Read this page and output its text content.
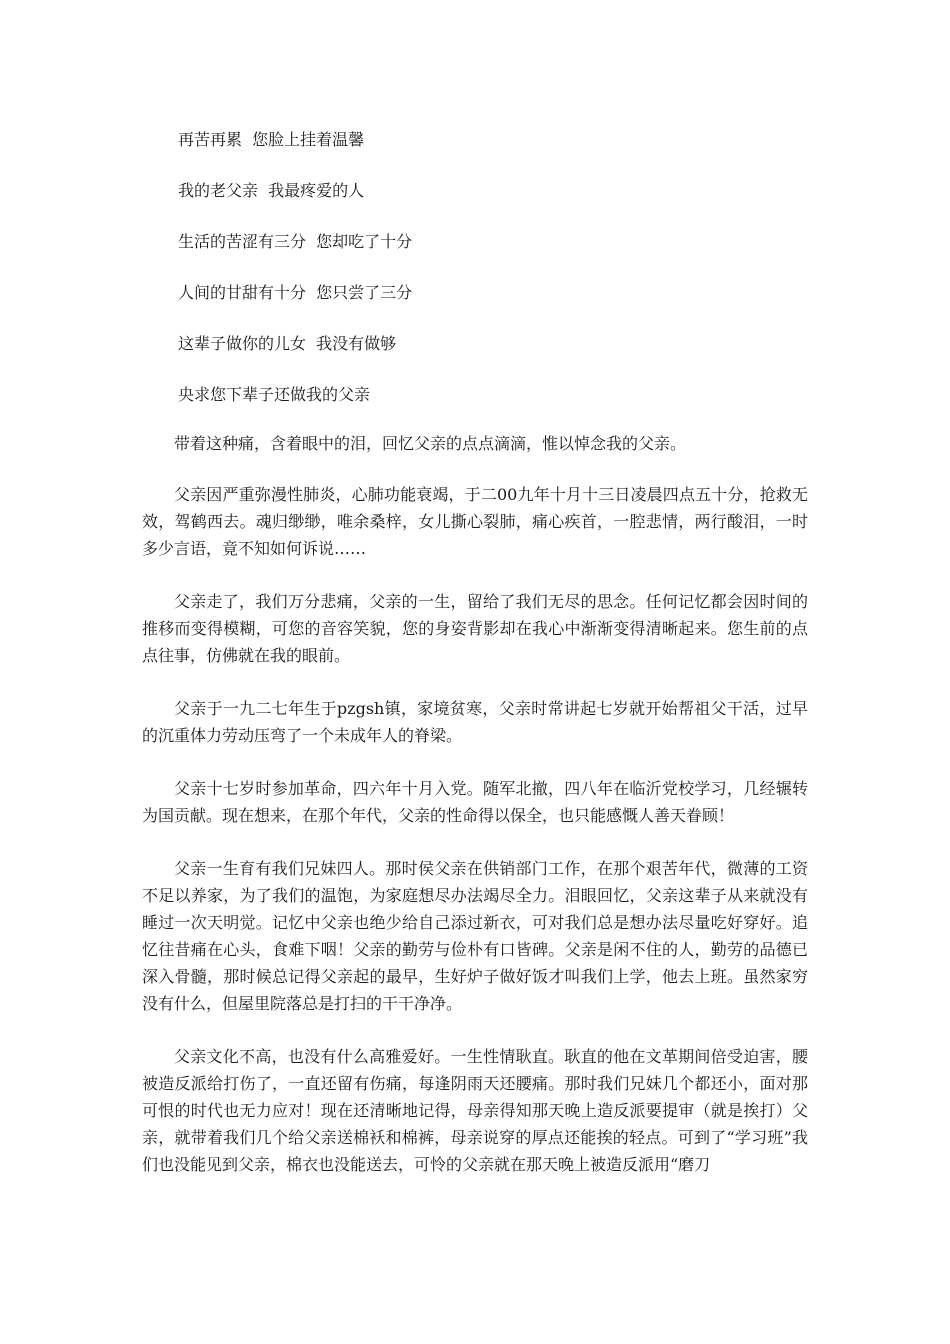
再苦再累  您脸上挂着温馨

我的老父亲  我最疼爱的人

生活的苦涩有三分  您却吃了十分

人间的甘甜有十分  您只尝了三分

这辈子做你的儿女  我没有做够

央求您下辈子还做我的父亲

带着这种痛，含着眼中的泪，回忆父亲的点点滴滴，惟以悼念我的父亲。

父亲因严重弥漫性肺炎，心肺功能衰竭，于二00九年十月十三日凌晨四点五十分，抢救无效，驾鹤西去。魂归缈缈，唯余桑梓，女儿撕心裂肺，痛心疾首，一腔悲情，两行酸泪，一时多少言语，竟不知如何诉说……

父亲走了，我们万分悲痛，父亲的一生，留给了我们无尽的思念。任何记忆都会因时间的推移而变得模糊，可您的音容笑貌，您的身姿背影却在我心中渐渐变得清晰起来。您生前的点点往事，仿佛就在我的眼前。

父亲于一九二七年生于pzgsh镇，家境贫寒，父亲时常讲起七岁就开始帮祖父干活，过早的沉重体力劳动压弯了一个未成年人的脊梁。

父亲十七岁时参加革命，四六年十月入党。随军北撤，四八年在临沂党校学习，几经辗转为国贡献。现在想来，在那个年代，父亲的性命得以保全，也只能感慨人善天眷顾！

父亲一生育有我们兄妹四人。那时侯父亲在供销部门工作，在那个艰苦年代，微薄的工资不足以养家，为了我们的温饱，为家庭想尽办法竭尽全力。泪眼回忆，父亲这辈子从来就没有睡过一次天明觉。记忆中父亲也绝少给自己添过新衣，可对我们总是想办法尽量吃好穿好。追忆往昔痛在心头，食难下咽！父亲的勤劳与俭朴有口皆碑。父亲是闲不住的人，勤劳的品德已深入骨髓，那时候总记得父亲起的最早，生好炉子做好饭才叫我们上学，他去上班。虽然家穷没有什么，但屋里院落总是打扫的干干净净。

父亲文化不高，也没有什么高雅爱好。一生性情耿直。耿直的他在文革期间倍受迫害，腰被造反派给打伤了，一直还留有伤痛，每逢阴雨天还腰痛。那时我们兄妹几个都还小，面对那可恨的时代也无力应对！现在还清晰地记得，母亲得知那天晚上造反派要提审（就是挨打）父亲，就带着我们几个给父亲送棉袄和棉裤，母亲说穿的厚点还能挨的轻点。可到了“学习班”我们也没能见到父亲，棉衣也没能送去，可怜的父亲就在那天晚上被造反派用“磨刀
